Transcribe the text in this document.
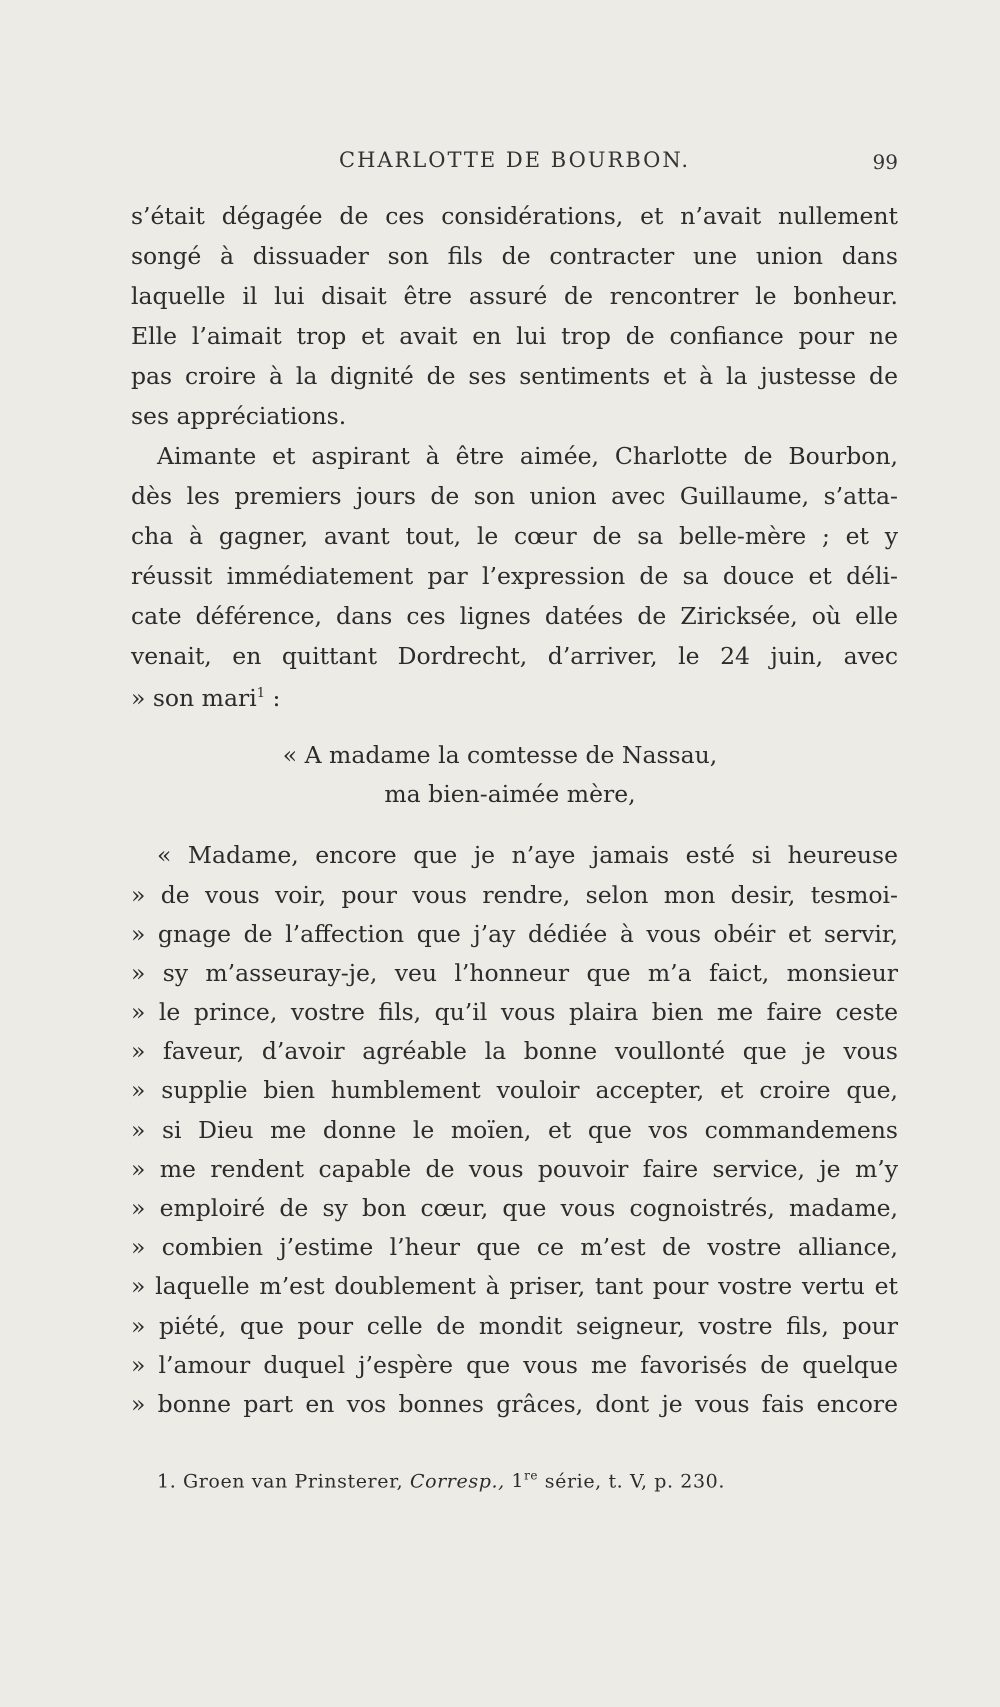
CHARLOTTE DE BOURBON.	99
s’était dégagée de ces considérations, et n’avait nullement
songé à dissuader son fils de contracter une union dans
laquelle il lui disait être assuré de rencontrer le bonheur.
Elle l’aimait trop et avait en lui trop de confiance pour ne
pas croire à la dignité de ses sentiments et à la justesse de
ses appréciations.
Aimante et aspirant à être aimée, Charlotte de Bourbon,
dès les premiers jours de son union avec Guillaume, s’atta-
cha à gagner, avant tout, le cœur de sa belle-mère ; et y
réussit immédiatement par l’expression de sa douce et déli-
cate déférence, dans ces lignes datées de Ziricksée, où elle
venait, en quittant Dordrecht, d’arriver, le 24 juin, avec
» son mari$^1$ :
« A madame la comtesse de Nassau,
ma bien-aimée mère,
« Madame, encore que je n’aye jamais esté si heureuse
» de vous voir, pour vous rendre, selon mon desir, tesmoi-
» gnage de l’affection que j’ay dédiée à vous obéir et servir,
» sy m’asseuray-je, veu l’honneur que m’a faict, monsieur
» le prince, vostre fils, qu’il vous plaira bien me faire ceste
» faveur, d’avoir agréable la bonne voullonté que je vous
» supplie bien humblement vouloir accepter, et croire que,
» si Dieu me donne le moïen, et que vos commandemens
» me rendent capable de vous pouvoir faire service, je m’y
» emploiré de sy bon cœur, que vous cognoistrés, madame,
» combien j’estime l’heur que ce m’est de vostre alliance,
» laquelle m’est doublement à priser, tant pour vostre vertu et
» piété, que pour celle de mondit seigneur, vostre fils, pour
» l’amour duquel j’espère que vous me favorisés de quelque
» bonne part en vos bonnes grâces, dont je vous fais encore
1. Groen van Prinsterer, Corresp., 1re série, t. V, p. 230.
